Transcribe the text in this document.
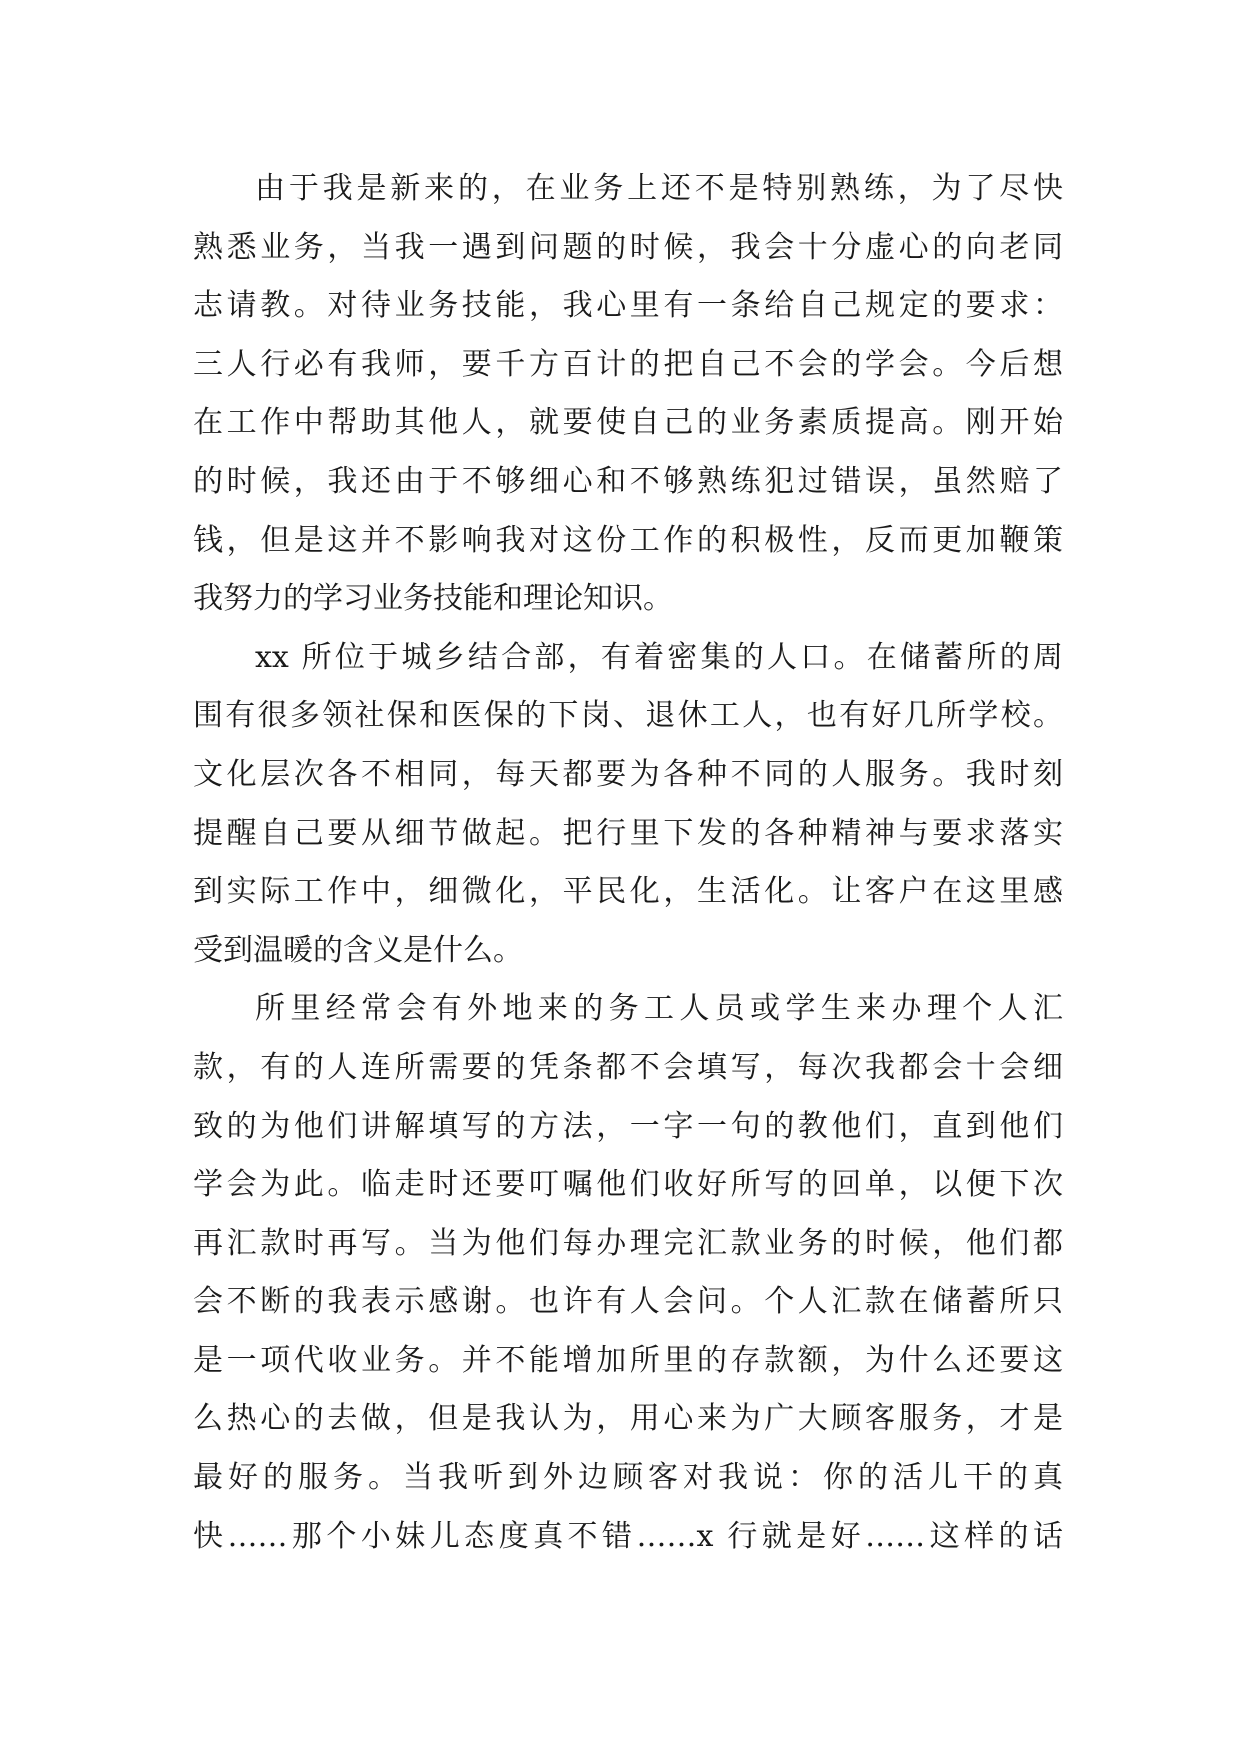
由于我是新来的，在业务上还不是特别熟练，为了尽快
熟悉业务，当我一遇到问题的时候，我会十分虚心的向老同
志请教。对待业务技能，我心里有一条给自己规定的要求：
三人行必有我师，要千方百计的把自己不会的学会。今后想
在工作中帮助其他人，就要使自己的业务素质提高。刚开始
的时候，我还由于不够细心和不够熟练犯过错误，虽然赔了
钱，但是这并不影响我对这份工作的积极性，反而更加鞭策
我努力的学习业务技能和理论知识。
xx 所位于城乡结合部，有着密集的人口。在储蓄所的周
围有很多领社保和医保的下岗、退休工人，也有好几所学校。
文化层次各不相同，每天都要为各种不同的人服务。我时刻
提醒自己要从细节做起。把行里下发的各种精神与要求落实
到实际工作中，细微化，平民化，生活化。让客户在这里感
受到温暖的含义是什么。
所里经常会有外地来的务工人员或学生来办理个人汇
款，有的人连所需要的凭条都不会填写，每次我都会十会细
致的为他们讲解填写的方法，一字一句的教他们，直到他们
学会为此。临走时还要叮嘱他们收好所写的回单，以便下次
再汇款时再写。当为他们每办理完汇款业务的时候，他们都
会不断的我表示感谢。也许有人会问。个人汇款在储蓄所只
是一项代收业务。并不能增加所里的存款额，为什么还要这
么热心的去做，但是我认为，用心来为广大顾客服务，才是
最好的服务。当我听到外边顾客对我说：你的活儿干的真
快……那个小妹儿态度真不错……x 行就是好……这样的话
